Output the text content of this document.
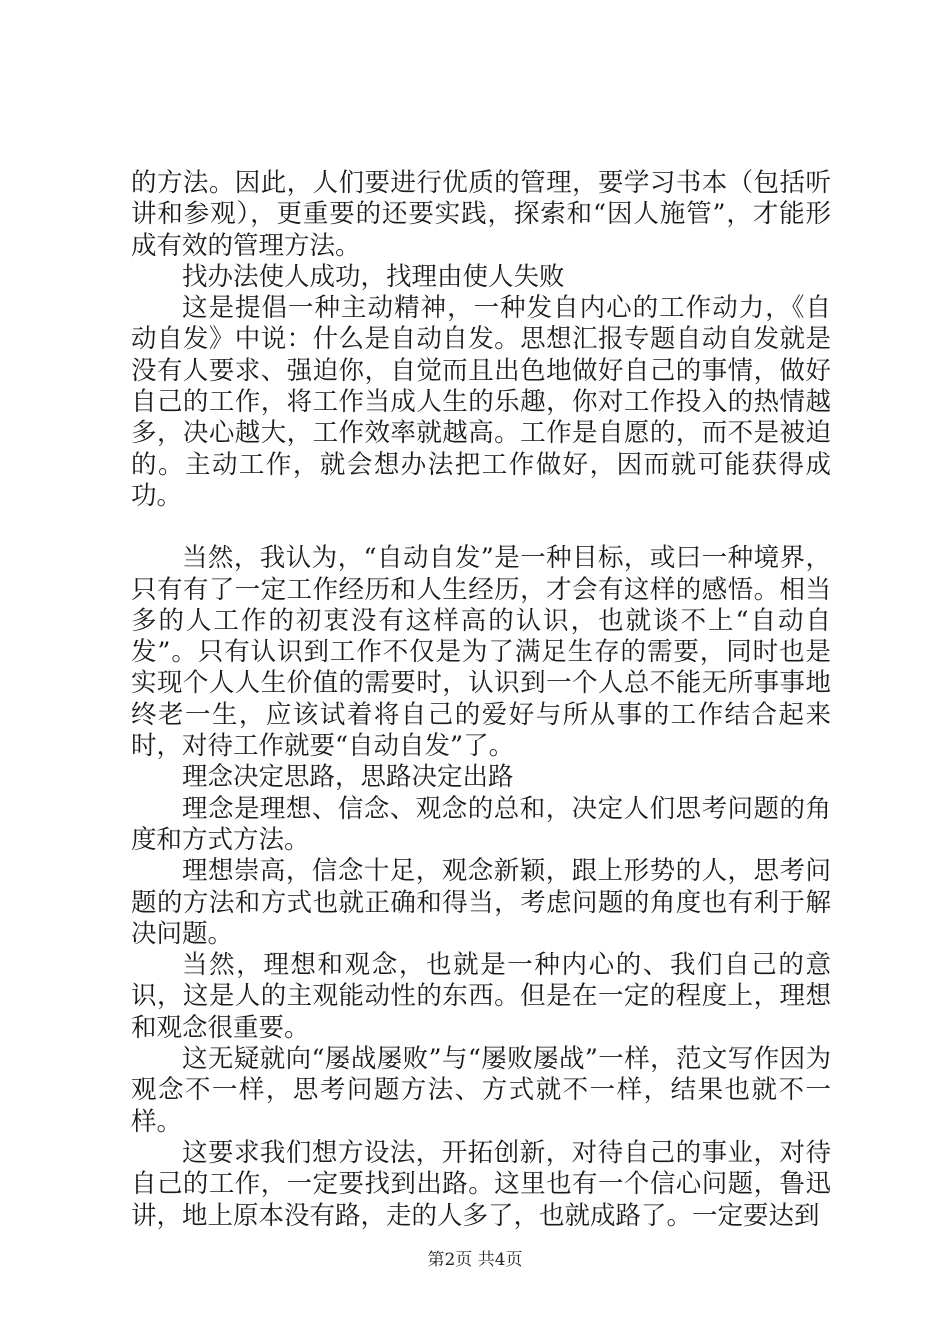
的方法。因此，人们要进行优质的管理，要学习书本（包括听讲和参观），更重要的还要实践，探索和“因人施管”，才能形成有效的管理方法。

找办法使人成功，找理由使人失败

这是提倡一种主动精神，一种发自内心的工作动力，《自动自发》中说：什么是自动自发。思想汇报专题自动自发就是没有人要求、强迫你，自觉而且出色地做好自己的事情，做好自己的工作，将工作当成人生的乐趣，你对工作投入的热情越多，决心越大，工作效率就越高。工作是自愿的，而不是被迫的。主动工作，就会想办法把工作做好，因而就可能获得成功。

当然，我认为，“自动自发”是一种目标，或曰一种境界，只有有了一定工作经历和人生经历，才会有这样的感悟。相当多的人工作的初衷没有这样高的认识，也就谈不上“自动自发”。只有认识到工作不仅是为了满足生存的需要，同时也是实现个人人生价值的需要时，认识到一个人总不能无所事事地终老一生，应该试着将自己的爱好与所从事的工作结合起来时，对待工作就要“自动自发”了。

理念决定思路，思路决定出路

理念是理想、信念、观念的总和，决定人们思考问题的角度和方式方法。

理想崇高，信念十足，观念新颖，跟上形势的人，思考问题的方法和方式也就正确和得当，考虑问题的角度也有利于解决问题。

当然，理想和观念，也就是一种内心的、我们自己的意识，这是人的主观能动性的东西。但是在一定的程度上，理想和观念很重要。

这无疑就向“屡战屡败”与“屡败屡战”一样，范文写作因为观念不一样，思考问题方法、方式就不一样，结果也就不一样。

这要求我们想方设法，开拓创新，对待自己的事业，对待自己的工作，一定要找到出路。这里也有一个信心问题，鲁迅讲，地上原本没有路，走的人多了，也就成路了。一定要达到

第2页 共4页
